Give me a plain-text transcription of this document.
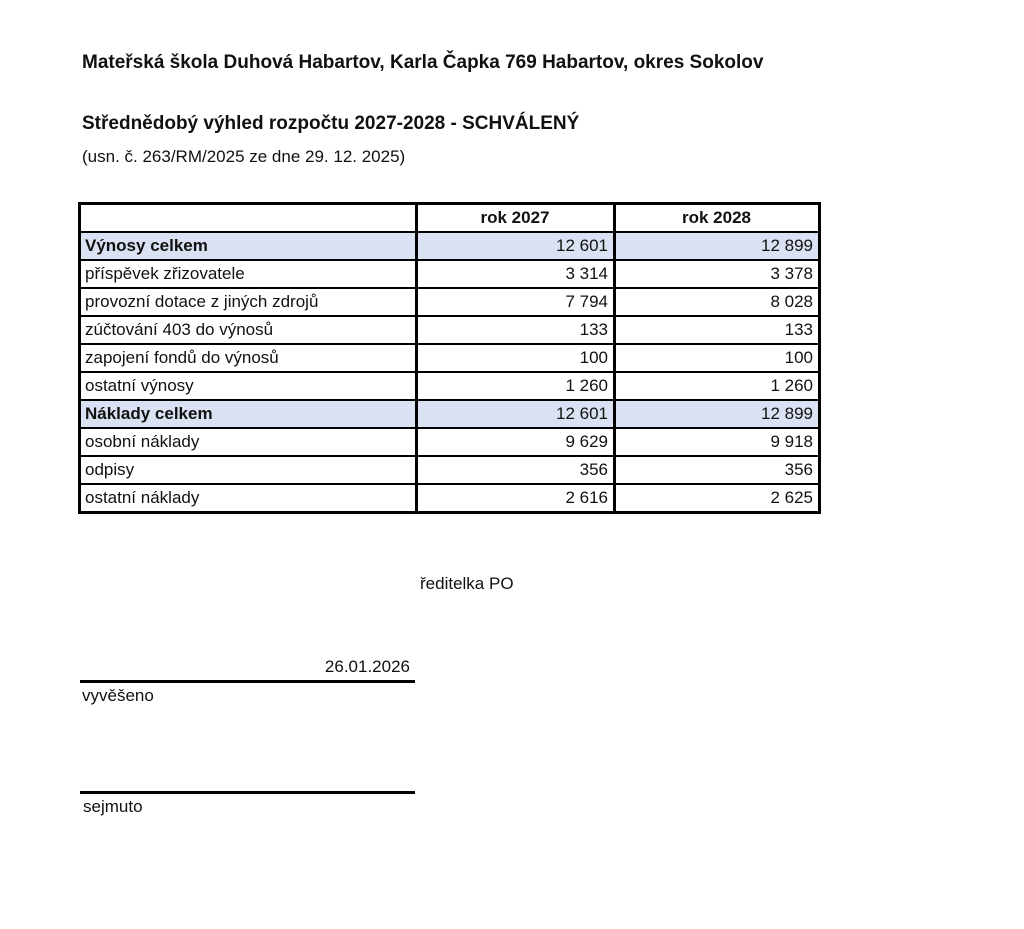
Mateřská škola Duhová Habartov, Karla Čapka 769 Habartov, okres Sokolov
Střednědobý výhled rozpočtu 2027-2028 - SCHVÁLENÝ
(usn. č. 263/RM/2025 ze dne 29. 12. 2025)
	rok 2027	rok 2028
Výnosy celkem	12 601	12 899
příspěvek zřizovatele	3 314	3 378
provozní dotace z jiných zdrojů	7 794	8 028
zúčtování 403 do výnosů	133	133
zapojení fondů do výnosů	100	100
ostatní výnosy	1 260	1 260
Náklady celkem	12 601	12 899
osobní náklady	9 629	9 918
odpisy	356	356
ostatní náklady	2 616	2 625
ředitelka PO
26.01.2026
vyvěšeno
sejmuto
